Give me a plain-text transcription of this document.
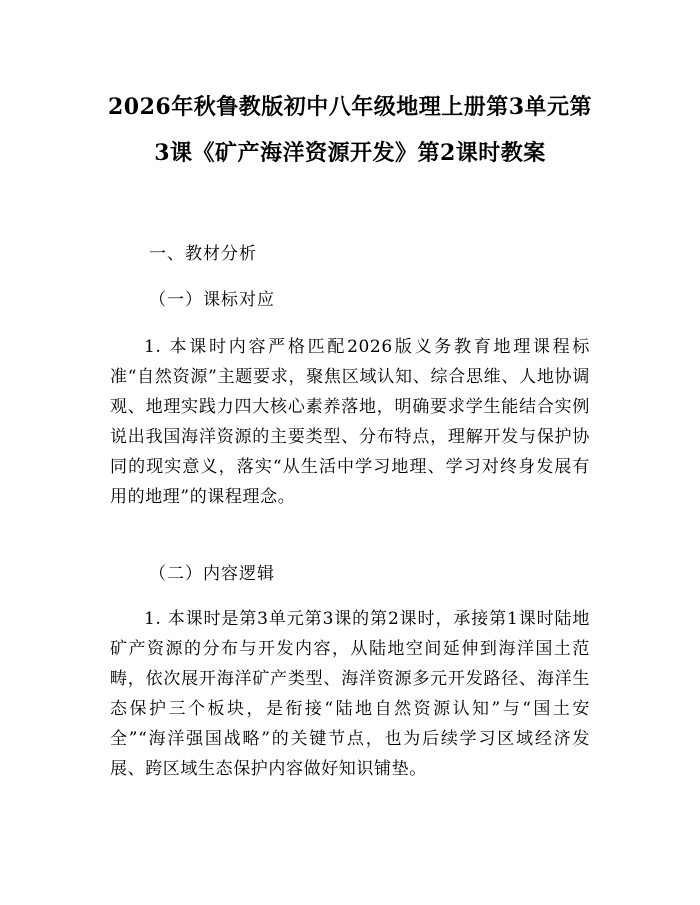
2026年秋鲁教版初中八年级地理上册第3单元第3课《矿产海洋资源开发》第2课时教案

一、教材分析

（一）课标对应

1. 本课时内容严格匹配2026版义务教育地理课程标准“自然资源”主题要求，聚焦区域认知、综合思维、人地协调观、地理实践力四大核心素养落地，明确要求学生能结合实例说出我国海洋资源的主要类型、分布特点，理解开发与保护协同的现实意义，落实“从生活中学习地理、学习对终身发展有用的地理”的课程理念。

（二）内容逻辑

1. 本课时是第3单元第3课的第2课时，承接第1课时陆地矿产资源的分布与开发内容，从陆地空间延伸到海洋国土范畴，依次展开海洋矿产类型、海洋资源多元开发路径、海洋生态保护三个板块，是衔接“陆地自然资源认知”与“国土安全”“海洋强国战略”的关键节点，也为后续学习区域经济发展、跨区域生态保护内容做好知识铺垫。
